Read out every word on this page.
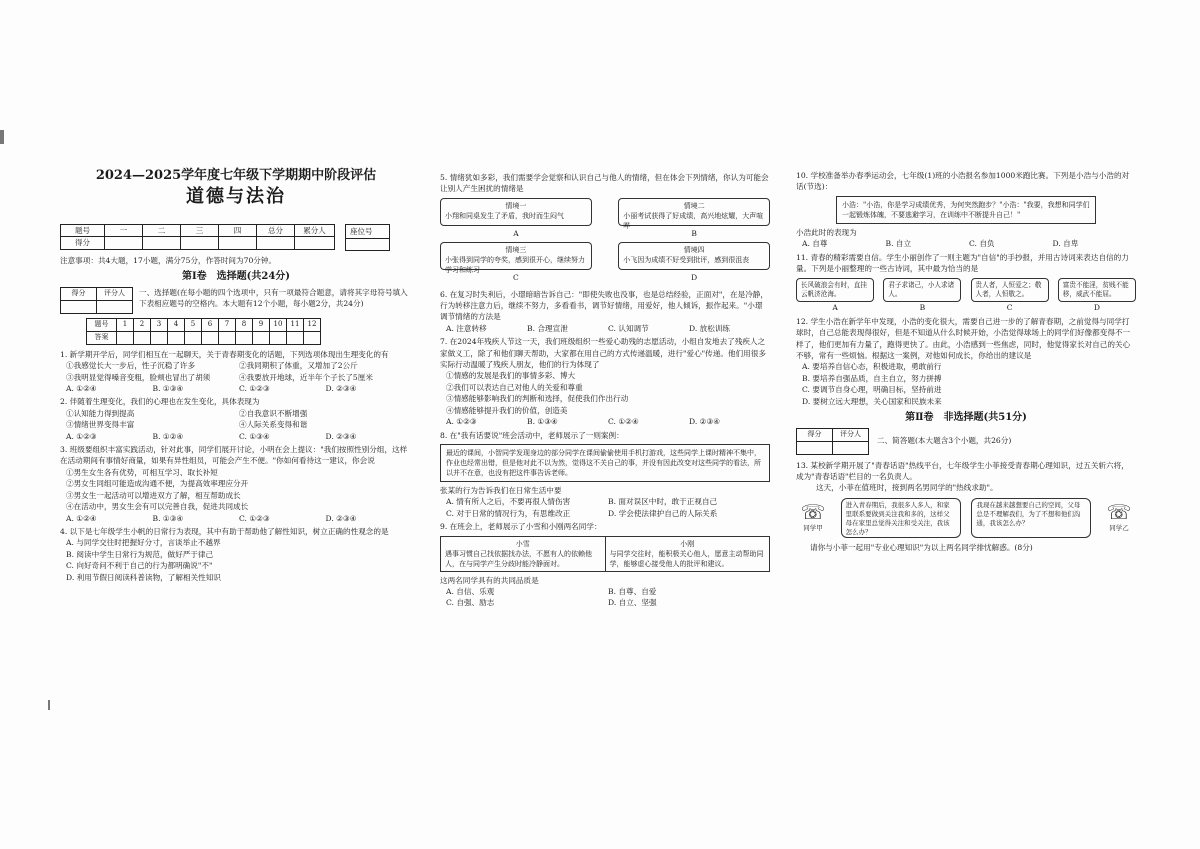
2024—2025学年度七年级下学期期中阶段评估
道德与法治
题号	一	二	三	四	总分	累分人
得分						
座位号

注意事项：共4大题，17小题，满分75分，作答时间为70分钟。
第Ⅰ卷　选择题(共24分)
得分	评分人
	一、选择题(在每小题的四个选项中，只有一项最符合题意，请将其字母符号填入下表相应题号的空格内。本大题有12个小题，每小题2分，共24分)
题号	1	2	3	4	5	6	7	8	9	10	11	12
答案												
1. 新学期开学后，同学们相互在一起聊天，关于青春期变化的话题，下列选项体现出生理变化的有
①我感觉长大一步后，性子沉稳了许多	②我同期积了体重，又增加了2公斤
③我明显觉得嗓音变粗，脸颊也冒出了胡须	④我要放开地球，近半年个子长了5厘米
A. ①②④	B. ①③④	C. ①②③	D. ②③④
2. 伴随着生理变化，我们的心理也在发生变化，具体表现为
①认知能力得到提高	②自我意识不断增强
③情绪世界变得丰富	④人际关系变得和谐
A. ①②③	B. ①②④	C. ①③④	D. ②③④
3. 班级要组织丰富实践活动，针对此事，同学们展开讨论，小明在会上提议："我们按照性别分组，这样在活动期间有事情好商量，如果有异性组员，可能会产生不便。"你如何看待这一建议，你会说
①男生女生各有优势，可相互学习、取长补短
②男女生同组可能造成沟通不便，为提高效率理应分开
③男女生一起活动可以增进双方了解，相互帮助成长
④在活动中，男女生会有可以完善自我，促进共同成长
A. ①②④	B. ①③④	C. ①②③	D. ②③④
4. 以下是七年级学生小帆的日常行为表现，其中有助于帮助他了解性知识，树立正确的性观念的是
A. 与同学交往时把握好分寸，言谈举止不越界
B. 阅读中学生日常行为规范，做好严于律己
C. 向好奇问不利于自己的行为都明确说"不"
D. 利用节假日阅读科普读物，了解相关性知识
5. 情绪犹如多彩，我们需要学会觉察和认识自己与他人的情绪，但在体会下列情绪，你认为可能会让别人产生困扰的情绪是
情境一
小翔和同桌发生了矛盾，我时而生闷气
A
情境二
小丽考试获得了好成绩，高兴地炫耀，大声喧哗
B
情境三
小张得到同学的夸奖，感到很开心，继续努力学习和练习
C
情境四
小飞因为成绩不好受到批评，感到很沮丧
D
6. 在复习时失利后，小璟暗暗告诉自己："即使失败也没事，也是总结经验，正面对"，在是冷静，行为转移注意力后，继续不努力，多看看书，调节好情绪，用爱好，他人倾诉，振作起来。"小璟调节情绪的方法是
A. 注意转移	B. 合理宣泄	C. 认知调节	D. 放松训练
7. 在2024年残疾人节这一天，我们班级组织一些爱心助残的志愿活动，小组自发地去了残疾人之家做义工，除了和他们聊天帮助，大家都在用自己的方式传递温暖，进行"爱心"传递。他们用很多实际行动温暖了残疾人朋友，他们的行为体现了
①情感的发展是我们的事情多彩、博大
②我们可以表达自己对他人的关爱和尊重
③情感能够影响我们的判断和选择，促使我们作出行动
④情感能够提升我们的价值，创造美
A. ①②③	B. ①③④	C. ①②④	D. ②③④
8. 在"我有话要说"班会活动中，老师展示了一则案例：
最近的课间，小智同学发现身边的部分同学在课间偷偷使用手机打游戏，这些同学上课时精神不集中，作业也经常出错，但是他对此不以为然，觉得这不关自己的事，并没有因此改变对这些同学的看法，所以并不在意，也没有把这件事告诉老师。
张某的行为告诉我们在日常生活中要
A. 情有所人之后，不要再很人情伤害	B. 面对误区中时，敢于正视自己
C. 对于日常的情况行为，有思维改正	D. 学会使法律护自己的人际关系
9. 在班会上，老师展示了小雪和小刚两名同学：
小雪
遇事习惯自己找依据找办法，不愿有人的依赖他人，在与同学产生分歧时能冷静面对。
小刚
与同学交往时，能积极关心他人，愿意主动帮助同学，能够虚心接受他人的批评和建议。
这两名同学具有的共同品质是
A. 自信、乐观	B. 自尊、自爱
C. 自强、励志	D. 自立、坚强
10. 学校准备举办春季运动会，七年级(1)班的小浩报名参加1000米跑比赛。下列是小浩与小浩的对话(节选)：
小浩："小浩，你是学习成绩优秀，为何突然跑步？"小浩："我要，我想和同学们一起锻炼体魄，不要逃避学习，在训练中不断提升自己！"
小浩此时的表现为
A. 自尊	B. 自立	C. 自负	D. 自卑
11. 青春的精彩需要自信。学生小丽创作了一则主题为"自信"的手抄报，并用古诗词来表达自信的力量。下列是小丽整理的一些古诗词，其中最为恰当的是
长风破浪会有时，直挂云帆济沧海。
A
君子求诸己，小人求诸人。
B
贵人者，人恒爱之；敬人者，人恒敬之。
C
富贵不能淫，贫贱不能移，威武不能屈。
D
12. 学生小浩在新学年中发现，小浩的变化很大，需要自己进一步的了解青春期，之前觉得与同学打球时，自己总能表现得很好，但是不知道从什么时候开始，小浩觉得球场上的同学们好像都变得不一样了，他们更加有力量了，跑得更快了。由此，小浩感到一些焦虑，同时，他觉得家长对自己的关心不够，常有一些烦恼。根据这一案例，对他如何成长，你给出的建议是
A. 要培养自信心态，积极进取，勇敢前行
B. 要培养自强品质，自主自立，努力拼搏
C. 要调节自身心理，明确目标，坚持前进
D. 要树立远大理想，关心国家和民族未来
第Ⅱ卷　非选择题(共51分)
得分	评分人

二、简答题(本大题含3个小题，共26分)
13. 某校新学期开展了"青春话语"热线平台，七年级学生小菲接受青春期心理知识，过五关斩六将，成为"青春话语"栏目的一名负责人。
这天，小菲在值班时，接到两名男同学的"热线求助"。
☏
同学甲
进入青春期后，我很多人多人，和家里联系要做到关注我和多的，这样父母在家里总觉得关注和受关注，我该怎么办？
我现在越来越想要自己的空间，父母总是不理解我们，为了不想和他们沟通，我该怎么办？	☏
同学乙
请你与小菲一起用"专业心理知识"为以上两名同学排忧解惑。(8分)
